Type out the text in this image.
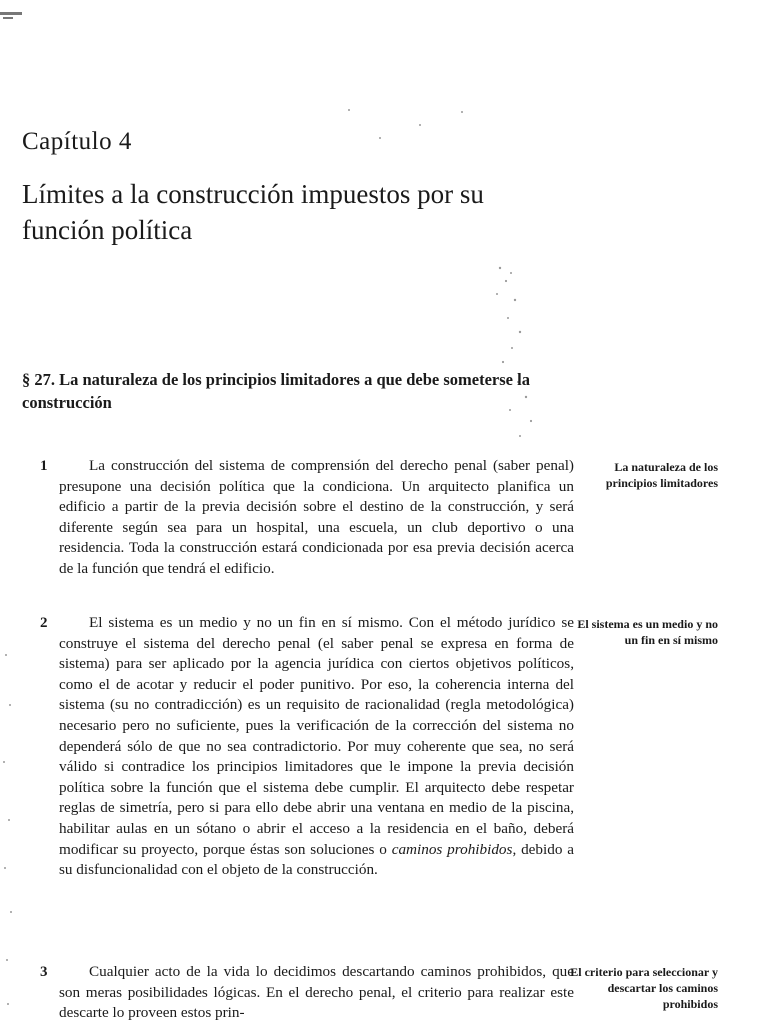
Capítulo 4
Límites a la construcción impuestos por su función política
§ 27. La naturaleza de los principios limitadores a que debe someterse la construcción
1	La construcción del sistema de comprensión del derecho penal (saber penal) presupone una decisión política que la condiciona. Un arquitecto planifica un edificio a partir de la previa decisión sobre el destino de la construcción, y será diferente según sea para un hospital, una escuela, un club deportivo o una residencia. Toda la construcción estará condicionada por esa previa decisión acerca de la función que tendrá el edificio.
La naturaleza de los principios limitadores
2	El sistema es un medio y no un fin en sí mismo. Con el método jurídico se construye el sistema del derecho penal (el saber penal se expresa en forma de sistema) para ser aplicado por la agencia jurídica con ciertos objetivos políticos, como el de acotar y reducir el poder punitivo. Por eso, la coherencia interna del sistema (su no contradicción) es un requisito de racionalidad (regla metodológica) necesario pero no suficiente, pues la verificación de la corrección del sistema no dependerá sólo de que no sea contradictorio. Por muy coherente que sea, no será válido si contradice los principios limitadores que le impone la previa decisión política sobre la función que el sistema debe cumplir. El arquitecto debe respetar reglas de simetría, pero si para ello debe abrir una ventana en medio de la piscina, habilitar aulas en un sótano o abrir el acceso a la residencia en el baño, deberá modificar su proyecto, porque éstas son soluciones o caminos prohibidos, debido a su disfuncionalidad con el objeto de la construcción.
El sistema es un medio y no un fin en sí mismo
3	Cualquier acto de la vida lo decidimos descartando caminos prohibidos, que son meras posibilidades lógicas. En el derecho penal, el criterio para realizar este descarte lo proveen estos prin-
El criterio para seleccionar y descartar los caminos prohibidos
